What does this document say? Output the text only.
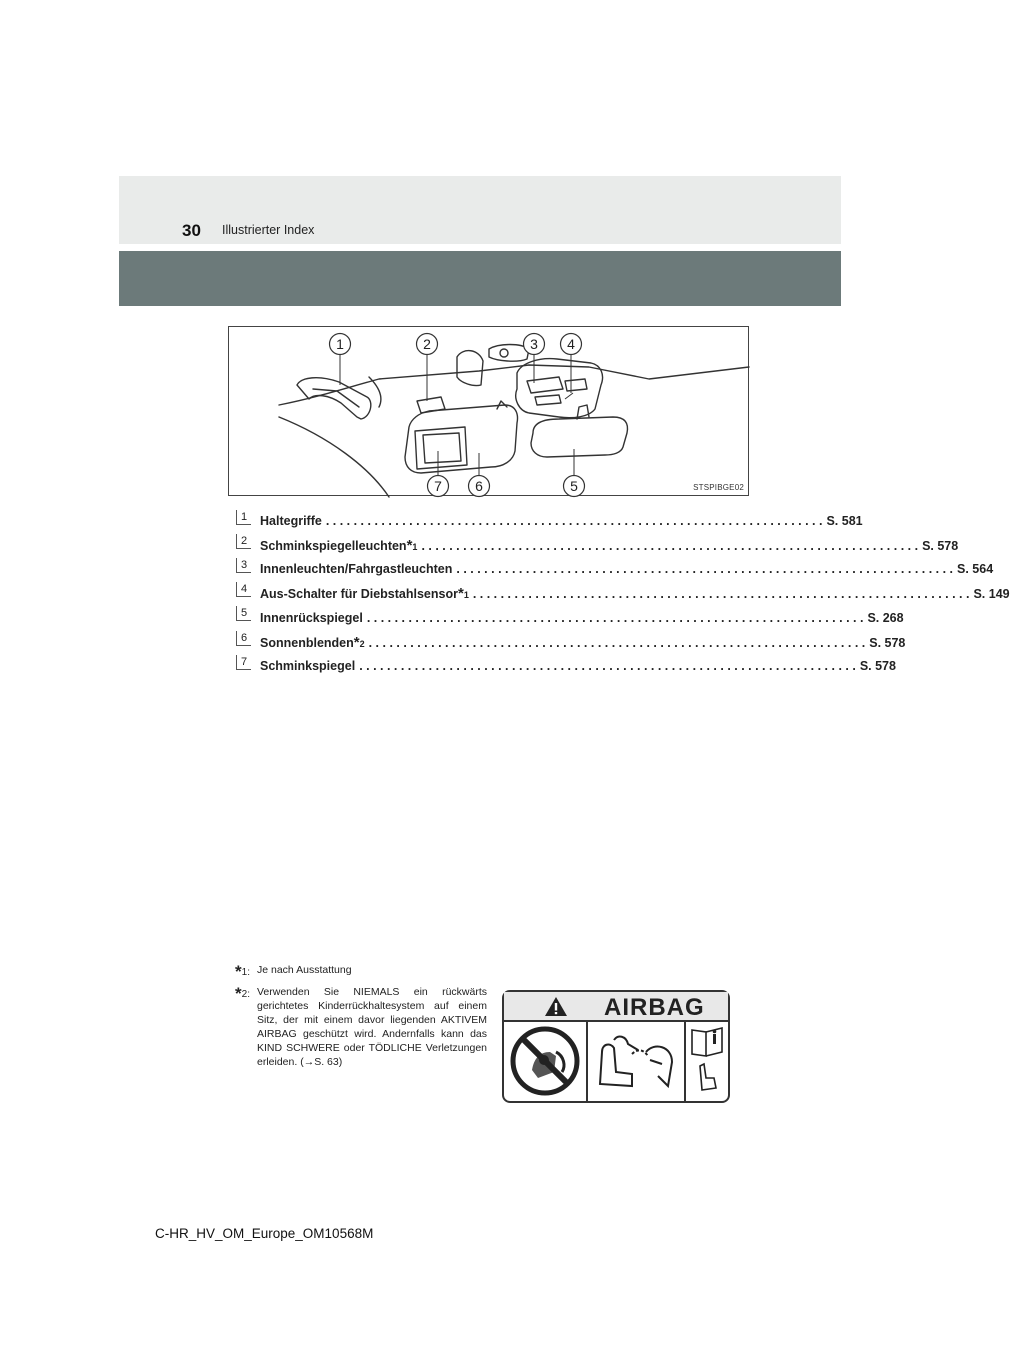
30 Illustrierter Index
1	2	3 4
5
6
7	STSPIBGE02
1	Haltegriffe . . .	S. 581
2	Schminkspiegelleuchten * 1 . . .	S. 578
3	Innenleuchten/Fahrgastleuchten . . .	S. 564
4	Aus-Schalter für Diebstahlsensor * 1 . . .	S. 149
5	Innenrückspiegel . . .	S. 268
6	Sonnenblenden * 2 . . .	S. 578
7	Schminkspiegel . . .	S. 578
*1: Je nach Ausstattung
*2: Verwenden Sie NIEMALS ein rückwärts gerichtetes Kinderrückhaltesystem auf einem Sitz, der mit einem davor liegenden AKTIVEM AIRBAG geschützt wird. Andernfalls kann das KIND SCHWERE oder TÖDLICHE Verletzungen erleiden. (→S. 63)
AIRBAG
C-HR_HV_OM_Europe_OM10568M
